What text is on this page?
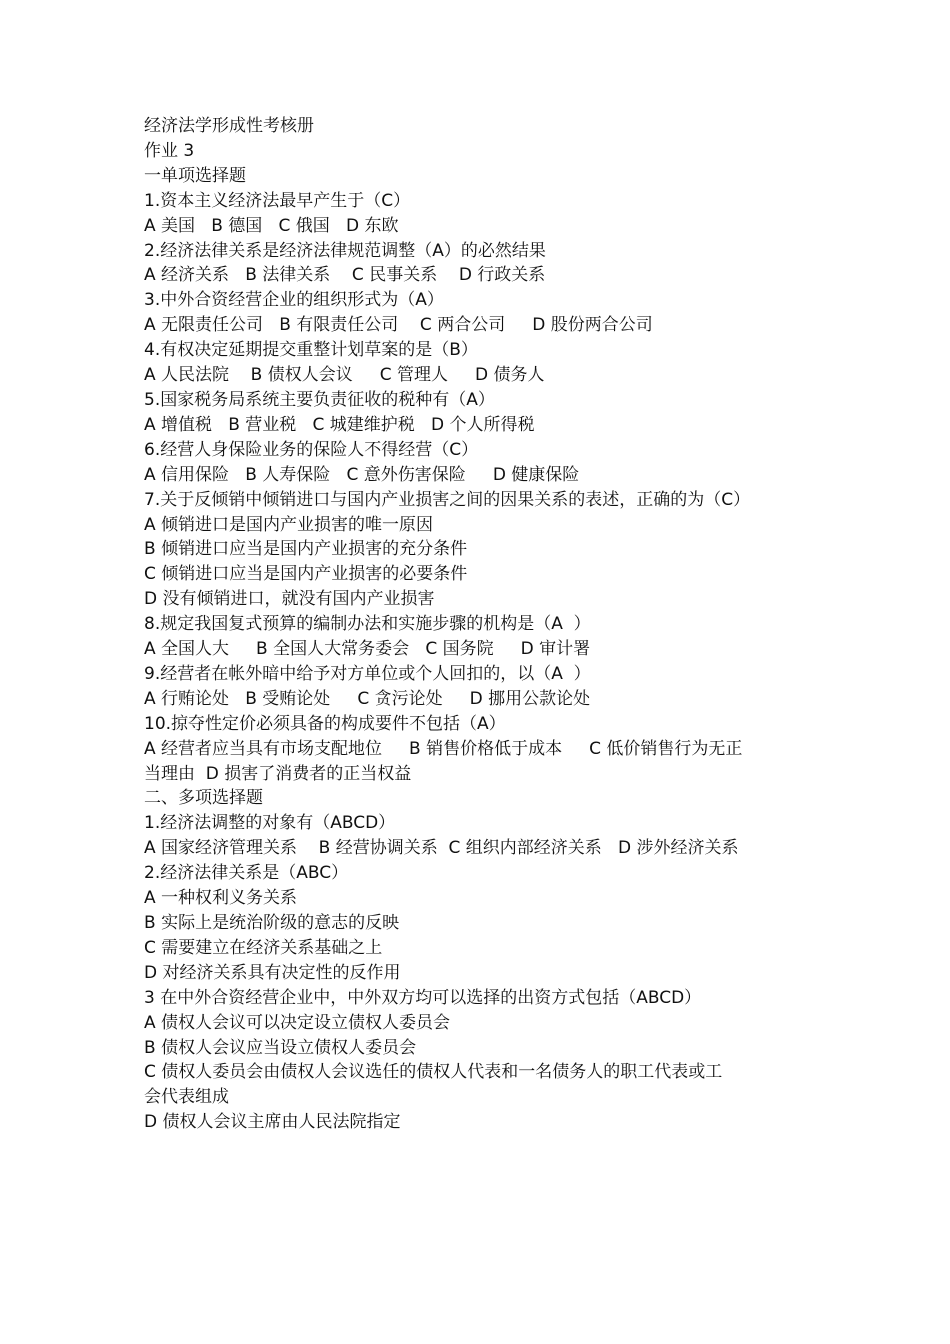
经济法学形成性考核册
作业 3
一单项选择题
1.资本主义经济法最早产生于（C）
A 美国   B 德国   C 俄国   D 东欧
2.经济法律关系是经济法律规范调整（A）的必然结果
A 经济关系   B 法律关系    C 民事关系    D 行政关系
3.中外合资经营企业的组织形式为（A）
A 无限责任公司   B 有限责任公司    C 两合公司     D 股份两合公司
4.有权决定延期提交重整计划草案的是（B）
A 人民法院    B 债权人会议     C 管理人     D 债务人
5.国家税务局系统主要负责征收的税种有（A）
A 增值税   B 营业税   C 城建维护税   D 个人所得税
6.经营人身保险业务的保险人不得经营（C）
A 信用保险   B 人寿保险   C 意外伤害保险     D 健康保险
7.关于反倾销中倾销进口与国内产业损害之间的因果关系的表述，正确的为（C）
A 倾销进口是国内产业损害的唯一原因
B 倾销进口应当是国内产业损害的充分条件
C 倾销进口应当是国内产业损害的必要条件
D 没有倾销进口，就没有国内产业损害
8.规定我国复式预算的编制办法和实施步骤的机构是（A  ）
A 全国人大     B 全国人大常务委会   C 国务院     D 审计署
9.经营者在帐外暗中给予对方单位或个人回扣的，以（A  ）
A 行贿论处   B 受贿论处     C 贪污论处     D 挪用公款论处
10.掠夺性定价必须具备的构成要件不包括（A）
A 经营者应当具有市场支配地位     B 销售价格低于成本     C 低价销售行为无正
当理由  D 损害了消费者的正当权益
二、多项选择题
1.经济法调整的对象有（ABCD）
A 国家经济管理关系    B 经营协调关系  C 组织内部经济关系   D 涉外经济关系
2.经济法律关系是（ABC）
A 一种权利义务关系
B 实际上是统治阶级的意志的反映
C 需要建立在经济关系基础之上
D 对经济关系具有决定性的反作用
3 在中外合资经营企业中，中外双方均可以选择的出资方式包括（ABCD）
A 债权人会议可以决定设立债权人委员会
B 债权人会议应当设立债权人委员会
C 债权人委员会由债权人会议选任的债权人代表和一名债务人的职工代表或工
会代表组成
D 债权人会议主席由人民法院指定
